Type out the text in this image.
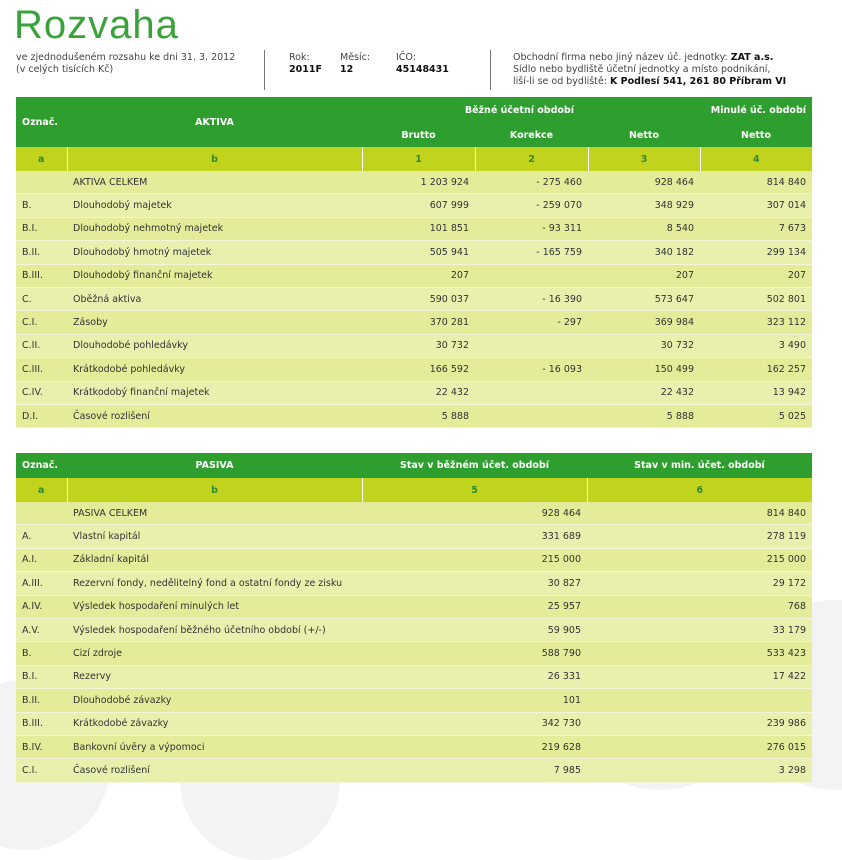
Rozvaha
ve zjednodušeném rozsahu ke dni 31. 3. 2012
(v celých tisících Kč)
Rok:
2011F
Měsíc:
12
IČO:
45148431
Obchodní firma nebo jiný název úč. jednotky: ZAT a.s.
Sídlo nebo bydliště účetní jednotky a místo podnikání,
liší-li se od bydliště: K Podlesí 541, 261 80 Příbram VI
Označ.	AKTIVA	Běžné účetní období		Minulé úč. období	
		Brutto	Korekce	Netto	Netto
a	b	1	2	3	4
	AKTIVA CELKEM	1 203 924	- 275 460	928 464	814 840
B.	Dlouhodobý majetek	607 999	- 259 070	348 929	307 014
B.I.	Dlouhodobý nehmotný majetek	101 851	- 93 311	8 540	7 673
B.II.	Dlouhodobý hmotný majetek	505 941	- 165 759	340 182	299 134
B.III.	Dlouhodobý finanční majetek	207		207	207
C.	Oběžná aktiva	590 037	- 16 390	573 647	502 801
C.I.	Zásoby	370 281	- 297	369 984	323 112
C.II.	Dlouhodobé pohledávky	30 732		30 732	3 490
C.III.	Krátkodobé pohledávky	166 592	- 16 093	150 499	162 257
C.IV.	Krátkodobý finanční majetek	22 432		22 432	13 942
D.I.	Časové rozlišení	5 888		5 888	5 025
Označ.	PASIVA	Stav v běžném účet. období	Stav v min. účet. období
a	b	5	6
	PASIVA CELKEM	928 464	814 840
A.	Vlastní kapitál	331 689	278 119
A.I.	Základní kapitál	215 000	215 000
A.III.	Rezervní fondy, nedělitelný fond a ostatní fondy ze zisku	30 827	29 172
A.IV.	Výsledek hospodaření minulých let	25 957	768
A.V.	Výsledek hospodaření běžného účetního období (+/-)	59 905	33 179
B.	Cizí zdroje	588 790	533 423
B.I.	Rezervy	26 331	17 422
B.II.	Dlouhodobé závazky	101	
B.III.	Krátkodobé závazky	342 730	239 986
B.IV.	Bankovní úvěry a výpomoci	219 628	276 015
C.I.	Časové rozlišení	7 985	3 298
